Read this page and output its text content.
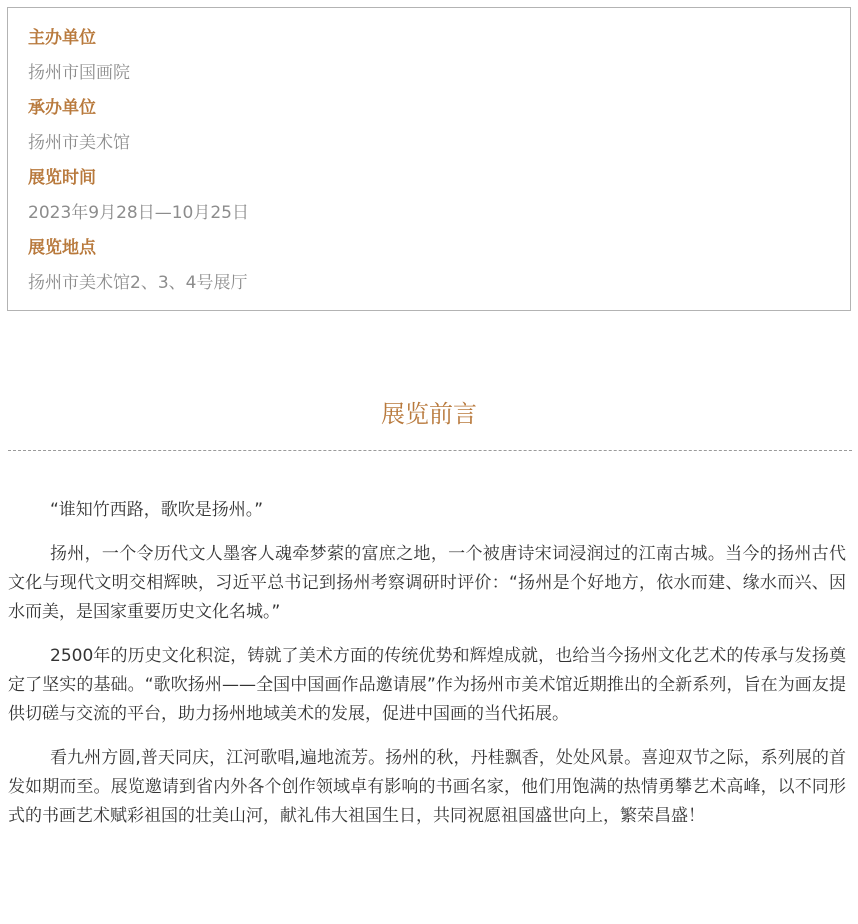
主办单位
扬州市国画院
承办单位
扬州市美术馆
展览时间
2023年9月28日—10月25日
展览地点
扬州市美术馆2、3、4号展厅
展览前言

“谁知竹西路，歌吹是扬州。”

扬州，一个令历代文人墨客人魂牵梦萦的富庶之地，一个被唐诗宋词浸润过的江南古城。当今的扬州古代文化与现代文明交相辉映，习近平总书记到扬州考察调研时评价：“扬州是个好地方，依水而建、缘水而兴、因水而美，是国家重要历史文化名城。”

2500年的历史文化积淀，铸就了美术方面的传统优势和辉煌成就，也给当今扬州文化艺术的传承与发扬奠定了坚实的基础。“歌吹扬州——全国中国画作品邀请展”作为扬州市美术馆近期推出的全新系列，旨在为画友提供切磋与交流的平台，助力扬州地域美术的发展，促进中国画的当代拓展。

看九州方圆,普天同庆，江河歌唱,遍地流芳。扬州的秋，丹桂飘香，处处风景。喜迎双节之际，系列展的首发如期而至。展览邀请到省内外各个创作领域卓有影响的书画名家，他们用饱满的热情勇攀艺术高峰，以不同形式的书画艺术赋彩祖国的壮美山河，献礼伟大祖国生日，共同祝愿祖国盛世向上，繁荣昌盛！
